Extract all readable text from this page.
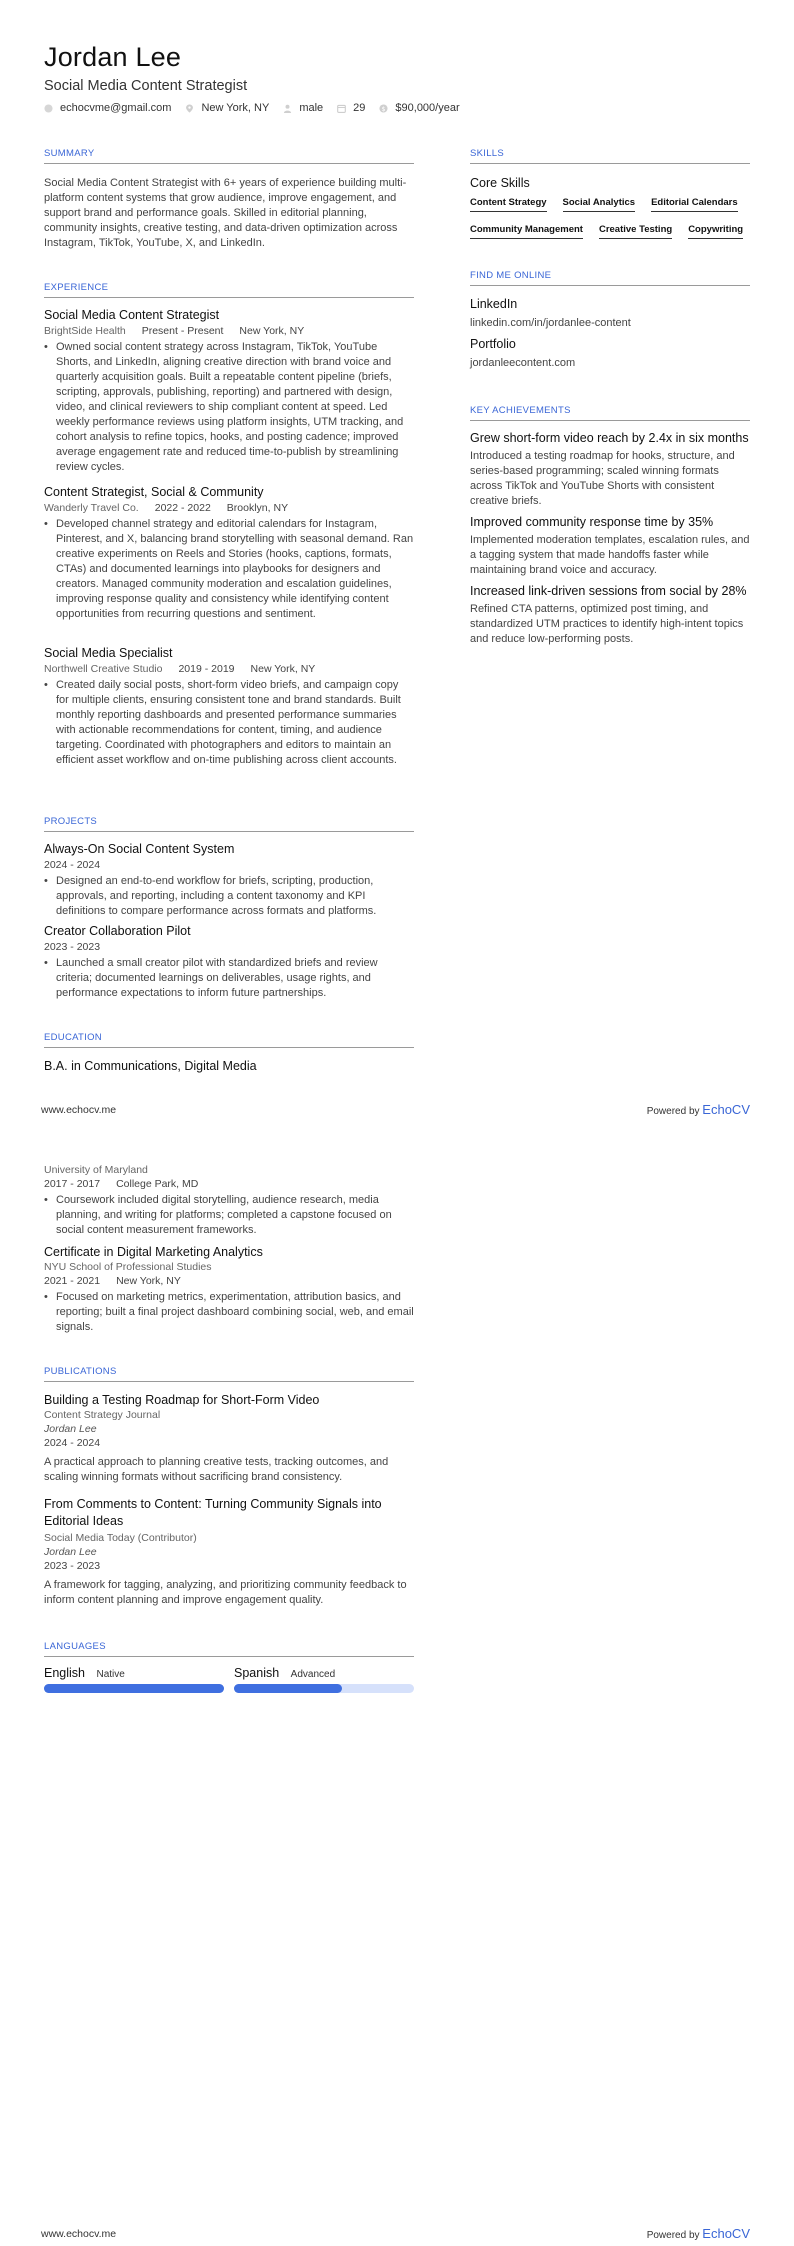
Jordan Lee
Social Media Content Strategist
echocvme@gmail.com	New York, NY	male	29 $ $90,000/year
SUMMARY
Social Media Content Strategist with 6+ years of experience building multi-platform content systems that grow audience, improve engagement, and support brand and performance goals. Skilled in editorial planning, community insights, creative testing, and data-driven optimization across Instagram, TikTok, YouTube, X, and LinkedIn.
EXPERIENCE
Social Media Content Strategist
BrightSide Health Present - Present New York, NY
• Owned social content strategy across Instagram, TikTok, YouTube Shorts, and LinkedIn, aligning creative direction with brand voice and quarterly acquisition goals. Built a repeatable content pipeline (briefs, scripting, approvals, publishing, reporting) and partnered with design, video, and clinical reviewers to ship compliant content at speed. Led weekly performance reviews using platform insights, UTM tracking, and cohort analysis to refine topics, hooks, and posting cadence; improved average engagement rate and reduced time-to-publish by streamlining review cycles.
Content Strategist, Social & Community
Wanderly Travel Co. 2022 - 2022 Brooklyn, NY
• Developed channel strategy and editorial calendars for Instagram, Pinterest, and X, balancing brand storytelling with seasonal demand. Ran creative experiments on Reels and Stories (hooks, captions, formats, CTAs) and documented learnings into playbooks for designers and creators. Managed community moderation and escalation guidelines, improving response quality and consistency while identifying content opportunities from recurring questions and sentiment.
Social Media Specialist
Northwell Creative Studio 2019 - 2019 New York, NY
• Created daily social posts, short-form video briefs, and campaign copy for multiple clients, ensuring consistent tone and brand standards. Built monthly reporting dashboards and presented performance summaries with actionable recommendations for content, timing, and audience targeting. Coordinated with photographers and editors to maintain an efficient asset workflow and on-time publishing across client accounts.
PROJECTS
Always-On Social Content System
2024 - 2024
• Designed an end-to-end workflow for briefs, scripting, production, approvals, and reporting, including a content taxonomy and KPI definitions to compare performance across formats and platforms.
Creator Collaboration Pilot
2023 - 2023
• Launched a small creator pilot with standardized briefs and review criteria; documented learnings on deliverables, usage rights, and performance expectations to inform future partnerships.
EDUCATION
B.A. in Communications, Digital Media
www.echocv.me	Powered by EchoCV
University of Maryland
2017 - 2017 College Park, MD
• Coursework included digital storytelling, audience research, media planning, and writing for platforms; completed a capstone focused on social content measurement frameworks.
Certificate in Digital Marketing Analytics
NYU School of Professional Studies
2021 - 2021 New York, NY
• Focused on marketing metrics, experimentation, attribution basics, and reporting; built a final project dashboard combining social, web, and email signals.
PUBLICATIONS
Building a Testing Roadmap for Short-Form Video
Content Strategy Journal
Jordan Lee
2024 - 2024
A practical approach to planning creative tests, tracking outcomes, and scaling winning formats without sacrificing brand consistency.
From Comments to Content: Turning Community Signals into Editorial Ideas
Social Media Today (Contributor)
Jordan Lee
2023 - 2023
A framework for tagging, analyzing, and prioritizing community feedback to inform content planning and improve engagement quality.
LANGUAGES
English Native	Spanish Advanced
SKILLS
Core Skills
Content Strategy Social Analytics Editorial Calendars
Community Management Creative Testing Copywriting
FIND ME ONLINE
LinkedIn
linkedin.com/in/jordanlee-content
Portfolio
jordanleecontent.com
KEY ACHIEVEMENTS
Grew short-form video reach by 2.4x in six months
Introduced a testing roadmap for hooks, structure, and series-based programming; scaled winning formats across TikTok and YouTube Shorts with consistent creative briefs.
Improved community response time by 35%
Implemented moderation templates, escalation rules, and a tagging system that made handoffs faster while maintaining brand voice and accuracy.
Increased link-driven sessions from social by 28%
Refined CTA patterns, optimized post timing, and standardized UTM practices to identify high-intent topics and reduce low-performing posts.
www.echocv.me	Powered by EchoCV
